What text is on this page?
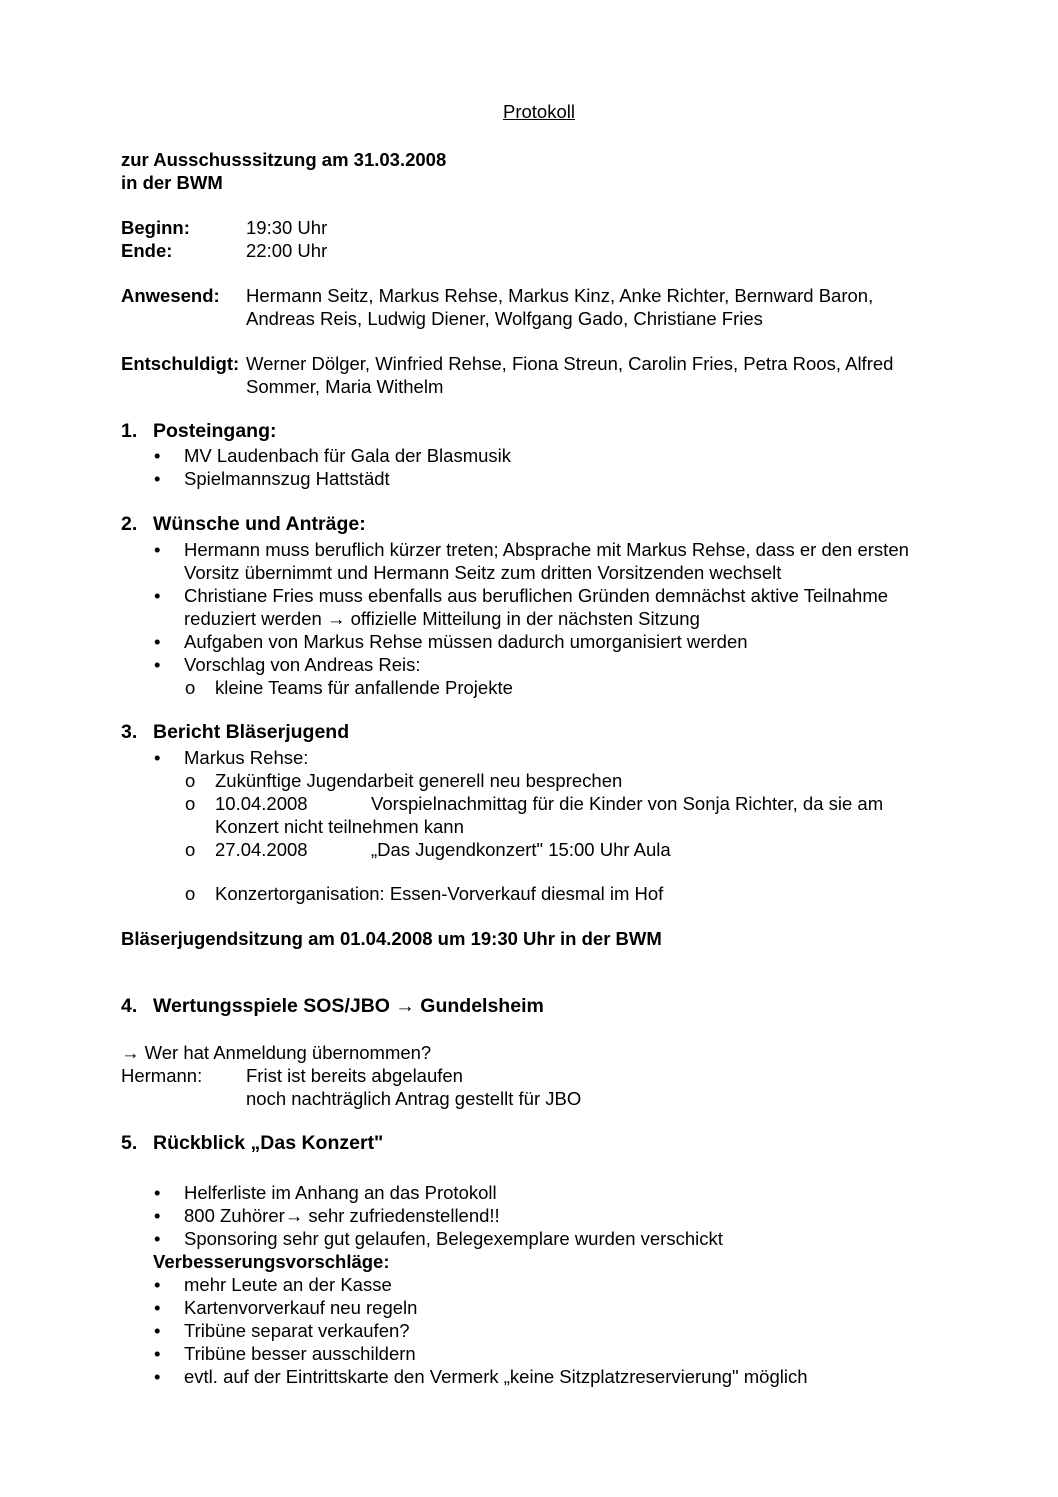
Protokoll
zur Ausschusssitzung am 31.03.2008
in der BWM
Beginn:	19:30 Uhr
Ende:	22:00 Uhr
Anwesend: Hermann Seitz, Markus Rehse, Markus Kinz, Anke Richter, Bernward Baron,
Andreas Reis, Ludwig Diener, Wolfgang Gado, Christiane Fries
Entschuldigt: Werner Dölger, Winfried Rehse, Fiona Streun, Carolin Fries, Petra Roos, Alfred
Sommer, Maria Withelm
1. Posteingang:
• MV Laudenbach für Gala der Blasmusik
• Spielmannszug Hattstädt
2. Wünsche und Anträge:
• Hermann muss beruflich kürzer treten; Absprache mit Markus Rehse, dass er den ersten
Vorsitz übernimmt und Hermann Seitz zum dritten Vorsitzenden wechselt
• Christiane Fries muss ebenfalls aus beruflichen Gründen demnächst aktive Teilnahme
reduziert werden → offizielle Mitteilung in der nächsten Sitzung
• Aufgaben von Markus Rehse müssen dadurch umorganisiert werden
• Vorschlag von Andreas Reis:
o kleine Teams für anfallende Projekte
3. Bericht Bläserjugend
• Markus Rehse:
o Zukünftige Jugendarbeit generell neu besprechen
o 10.04.2008	Vorspielnachmittag für die Kinder von Sonja Richter, da sie am
Konzert nicht teilnehmen kann
o 27.04.2008	„Das Jugendkonzert" 15:00 Uhr Aula
o Konzertorganisation: Essen-Vorverkauf diesmal im Hof
Bläserjugendsitzung am 01.04.2008 um 19:30 Uhr in der BWM
4. Wertungsspiele SOS/JBO → Gundelsheim
→ Wer hat Anmeldung übernommen?
Hermann: Frist ist bereits abgelaufen
noch nachträglich Antrag gestellt für JBO
5. Rückblick „Das Konzert"
• Helferliste im Anhang an das Protokoll
• 800 Zuhörer→ sehr zufriedenstellend!!
• Sponsoring sehr gut gelaufen, Belegexemplare wurden verschickt
Verbesserungsvorschläge:
• mehr Leute an der Kasse
• Kartenvorverkauf neu regeln
• Tribüne separat verkaufen?
• Tribüne besser ausschildern
• evtl. auf der Eintrittskarte den Vermerk „keine Sitzplatzreservierung" möglich
